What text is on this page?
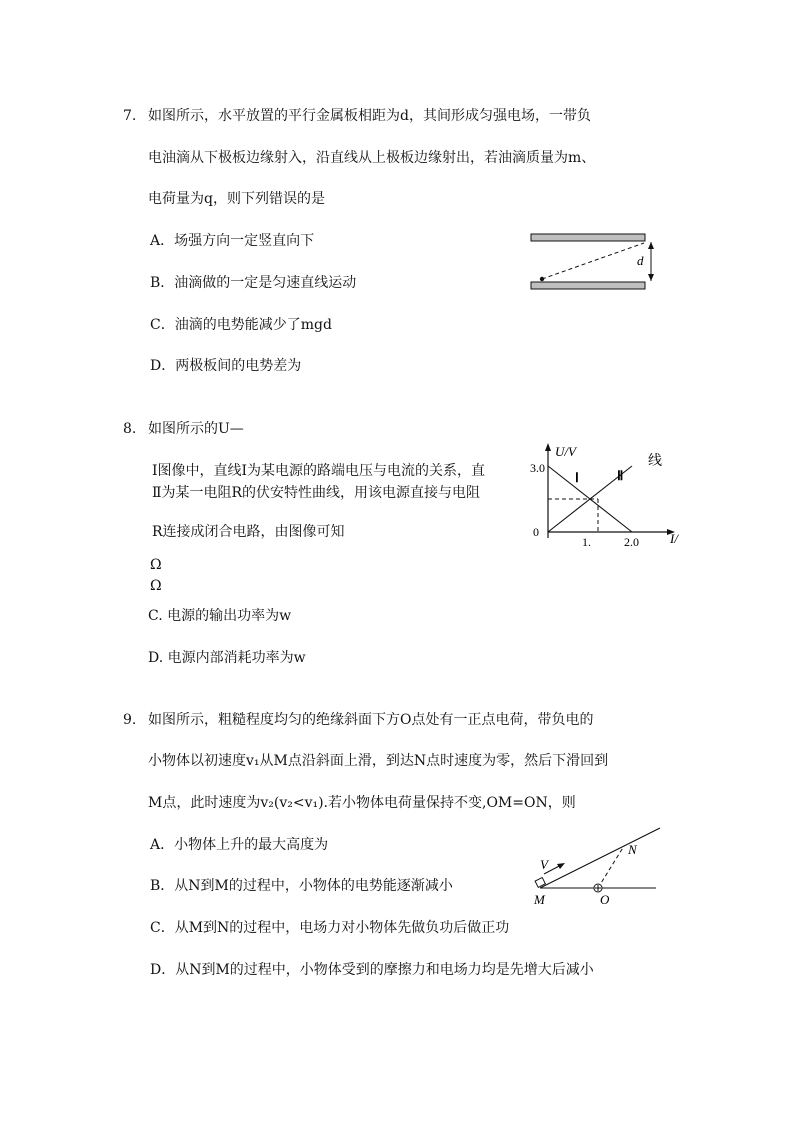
7. 如图所示，水平放置的平行金属板相距为d，其间形成匀强电场，一带负
电油滴从下极板边缘射入，沿直线从上极板边缘射出，若油滴质量为m、
电荷量为q，则下列错误的是
A．场强方向一定竖直向下
B．油滴做的一定是匀速直线运动
C．油滴的电势能减少了mgd
D．两极板间的电势差为
d
8. 如图所示的U—
I图像中，直线Ⅰ为某电源的路端电压与电流的关系，直
Ⅱ为某一电阻R的伏安特性曲线，用该电源直接与电阻
R连接成闭合电路，由图像可知
Ω
Ω
C. 电源的输出功率为w
D. 电源内部消耗功率为w
U/V
线
3.0
0	I/
Ⅰ	Ⅱ
1.	2.0
9. 如图所示，粗糙程度均匀的绝缘斜面下方O点处有一正点电荷，带负电的
小物体以初速度v₁从M点沿斜面上滑，到达N点时速度为零，然后下滑回到
M点，此时速度为v₂(v₂<v₁).若小物体电荷量保持不变,OM=ON，则
A．小物体上升的最大高度为
B．从N到M的过程中，小物体的电势能逐渐减小
C．从M到N的过程中，电场力对小物体先做负功后做正功
D．从N到M的过程中，小物体受到的摩擦力和电场力均是先增大后减小
V
N
M	O
